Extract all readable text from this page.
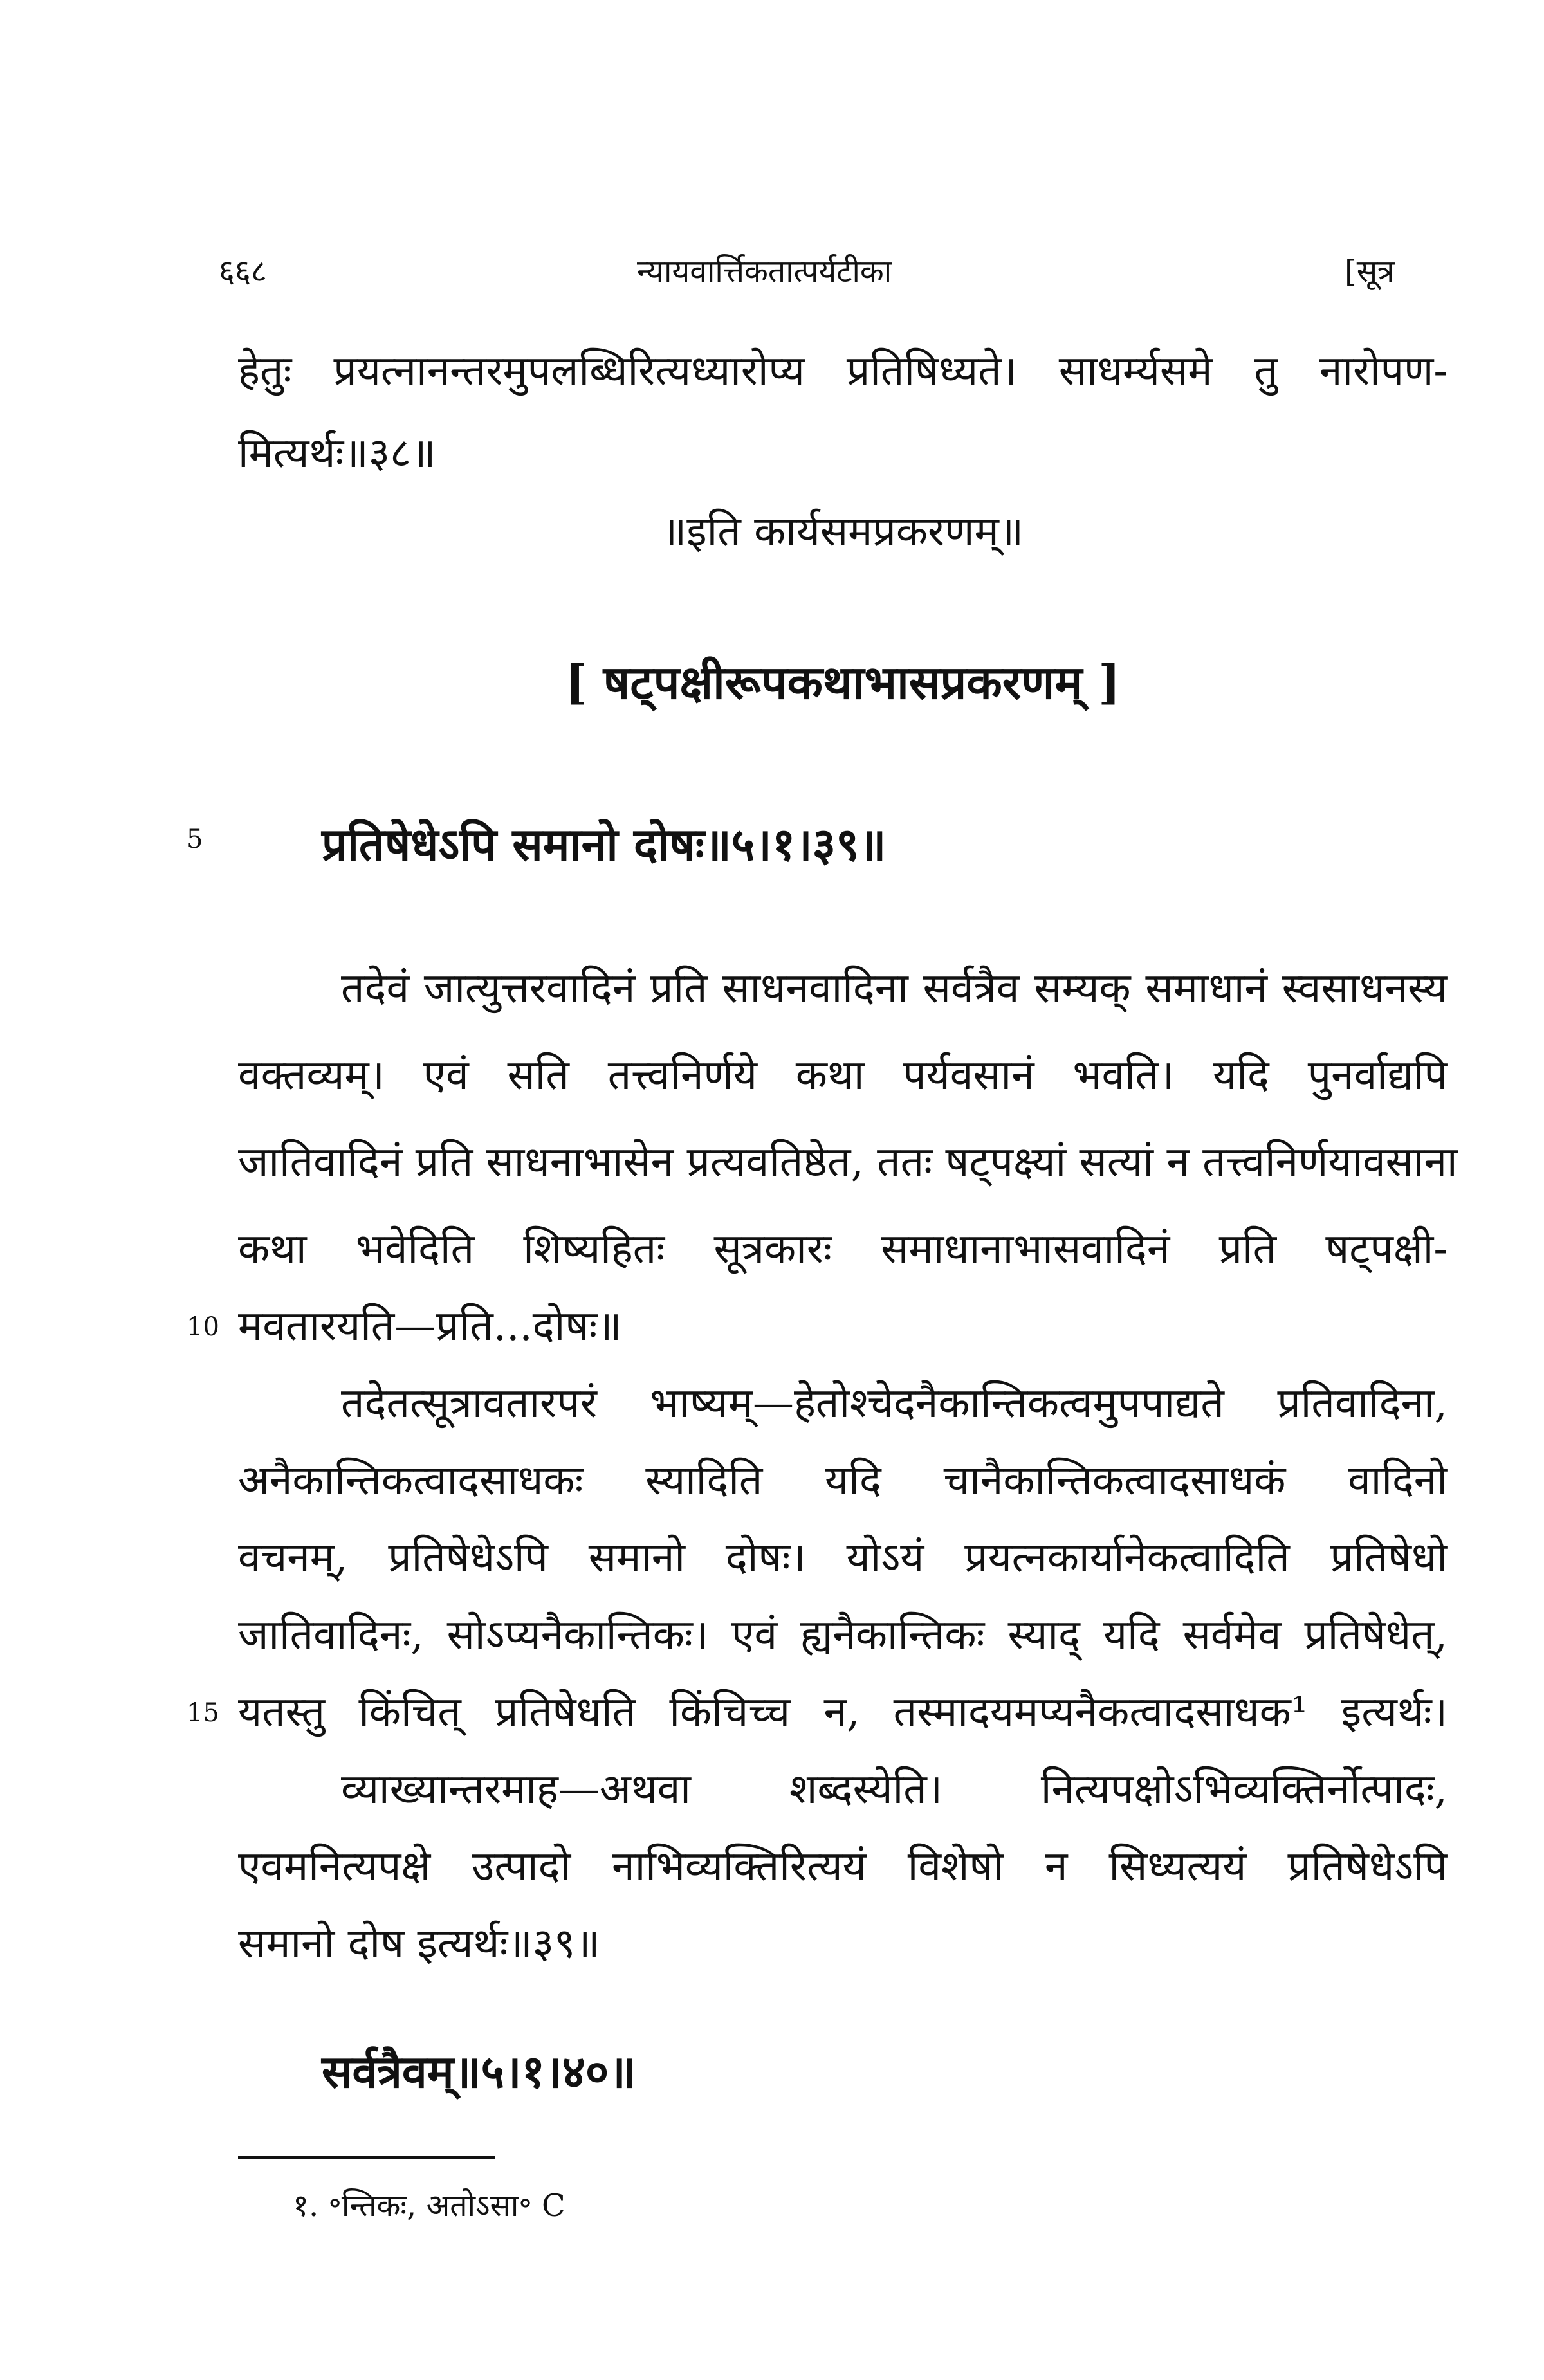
६६८	न्यायवार्त्तिकतात्पर्यटीका	[सूत्र
हेतुः प्रयत्नानन्तरमुपलब्धिरित्यध्यारोप्य प्रतिषिध्यते। साधर्म्यसमे तु नारोपण-
मित्यर्थः॥३८॥
॥इति कार्यसमप्रकरणम्॥
[ षट्पक्षीरूपकथाभासप्रकरणम् ]
5	प्रतिषेधेऽपि समानो दोषः॥५।१।३९॥
तदेवं जात्युत्तरवादिनं प्रति साधनवादिना सर्वत्रैव सम्यक् समाधानं स्वसाधनस्य
वक्तव्यम्। एवं सति तत्त्वनिर्णये कथा पर्यवसानं भवति। यदि पुनर्वाद्यपि
जातिवादिनं प्रति साधनाभासेन प्रत्यवतिष्ठेत, ततः षट्पक्ष्यां सत्यां न तत्त्वनिर्णयावसाना
कथा भवेदिति शिष्यहितः सूत्रकारः समाधानाभासवादिनं प्रति षट्पक्षी-
10 मवतारयति—प्रति...दोषः॥
तदेतत्सूत्रावतारपरं भाष्यम्—हेतोश्चेदनैकान्तिकत्वमुपपाद्यते प्रतिवादिना,
अनैकान्तिकत्वादसाधकः स्यादिति यदि चानैकान्तिकत्वादसाधकं वादिनो
वचनम्, प्रतिषेधेऽपि समानो दोषः। योऽयं प्रयत्नकार्यानेकत्वादिति प्रतिषेधो
जातिवादिनः, सोऽप्यनैकान्तिकः। एवं ह्यनैकान्तिकः स्याद् यदि सर्वमेव प्रतिषेधेत्,
15 यतस्तु किंचित् प्रतिषेधति किंचिच्च न, तस्मादयमप्यनैकत्वादसाधक¹ इत्यर्थः।
व्याख्यान्तरमाह—अथवा शब्दस्येति। नित्यपक्षोऽभिव्यक्तिर्नोत्पादः,
एवमनित्यपक्षे उत्पादो नाभिव्यक्तिरित्ययं विशेषो न सिध्यत्ययं प्रतिषेधेऽपि
समानो दोष इत्यर्थः॥३९॥
सर्वत्रैवम्॥५।१।४०॥
१. ॰न्तिकः, अतोऽसा॰ C
